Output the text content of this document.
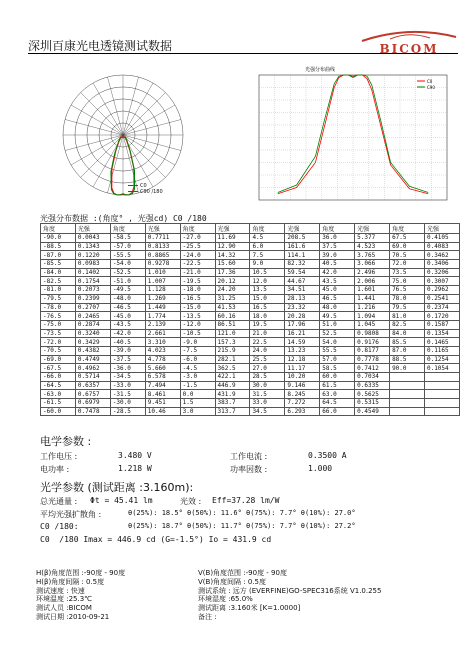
深圳百康光电透镜测试数据	BICOM
C0
C90 /180
光强分布曲线
C0
C90
光强分布数据 :(角度° , 光强cd) C0 /180
角度	光强	角度	光强	角度	光强	角度	光强	角度	光强	角度	光强
-90.0	0.0043	-58.5	0.7711	-27.0	11.69	4.5	208.5	36.0	5.377	67.5	0.4105
-88.5	0.1343	-57.0	0.8133	-25.5	12.90	6.0	161.6	37.5	4.523	69.0	0.4083
-87.0	0.1220	-55.5	0.8865	-24.0	14.32	7.5	114.1	39.0	3.765	70.5	0.3462
-85.5	0.0983	-54.0	0.9278	-22.5	15.60	9.0	82.32	40.5	3.066	72.0	0.3406
-84.0	0.1402	-52.5	1.010	-21.0	17.36	10.5	59.54	42.0	2.496	73.5	0.3206
-82.5	0.1754	-51.0	1.007	-19.5	20.12	12.0	44.67	43.5	2.006	75.0	0.3007
-81.0	0.2073	-49.5	1.128	-18.0	24.20	13.5	34.51	45.0	1.601	76.5	0.2962
-79.5	0.2399	-48.0	1.269	-16.5	31.25	15.0	28.13	46.5	1.441	78.0	0.2541
-78.0	0.2707	-46.5	1.449	-15.0	41.53	16.5	23.32	48.0	1.216	79.5	0.2374
-76.5	0.2465	-45.0	1.774	-13.5	60.16	18.0	20.28	49.5	1.094	81.0	0.1720
-75.0	0.2874	-43.5	2.139	-12.0	86.51	19.5	17.96	51.0	1.045	82.5	0.1587
-73.5	0.3240	-42.0	2.661	-10.5	121.0	21.0	16.21	52.5	0.9808	84.0	0.1354
-72.0	0.3429	-40.5	3.310	-9.0	157.3	22.5	14.59	54.0	0.9176	85.5	0.1465
-70.5	0.4382	-39.0	4.023	-7.5	215.9	24.0	13.23	55.5	0.8177	87.0	0.1165
-69.0	0.4749	-37.5	4.778	-6.0	282.1	25.5	12.18	57.0	0.7778	88.5	0.1254
-67.5	0.4962	-36.0	5.660	-4.5	362.5	27.0	11.17	58.5	0.7412	90.0	0.1054
-66.0	0.5714	-34.5	6.578	-3.0	422.1	28.5	10.20	60.0	0.7034		
-64.5	0.6357	-33.0	7.494	-1.5	446.9	30.0	9.146	61.5	0.6335		
-63.0	0.6757	-31.5	8.461	0.0	431.9	31.5	8.245	63.0	0.5625		
-61.5	0.6979	-30.0	9.451	1.5	383.7	33.0	7.272	64.5	0.5315		
-60.0	0.7478	-28.5	10.46	3.0	313.7	34.5	6.293	66.0	0.4549		
电学参数 :
工作电压 :	3.480 V	工作电流 :	0.3500 A
电功率 :	1.218 W	功率因数 :	1.000
光学参数 (测试距离 :3.160m):
总光通量 : Φt = 45.41 lm	光效 : Eff=37.28 lm/W
平均光强扩散角 :	θ(25%): 18.5° θ(50%): 11.6° θ(75%): 7.7° θ(10%): 27.0°
C0 /180:	θ(25%): 18.7° θ(50%): 11.7° θ(75%): 7.7° θ(10%): 27.2°
C0  /180 Imax = 446.9 cd (G=-1.5°) Io = 431.9 cd
H(β)角度范围 :-90度 - 90度
H(β)角度间隔 : 0.5度
测试速度 : 快速
环境温度 :25.3℃
测试人员 :BICOM
测试日期 :2010-09-21
V(B)角度范围 :-90度 - 90度
V(B)角度间隔 : 0.5度
测试系统 : 远方 (EVERFINE)GO-SPEC316系统 V1.0.255
环境湿度 :65.0%
测试距离 :3.160米 [K=1.0000]
备注 :
